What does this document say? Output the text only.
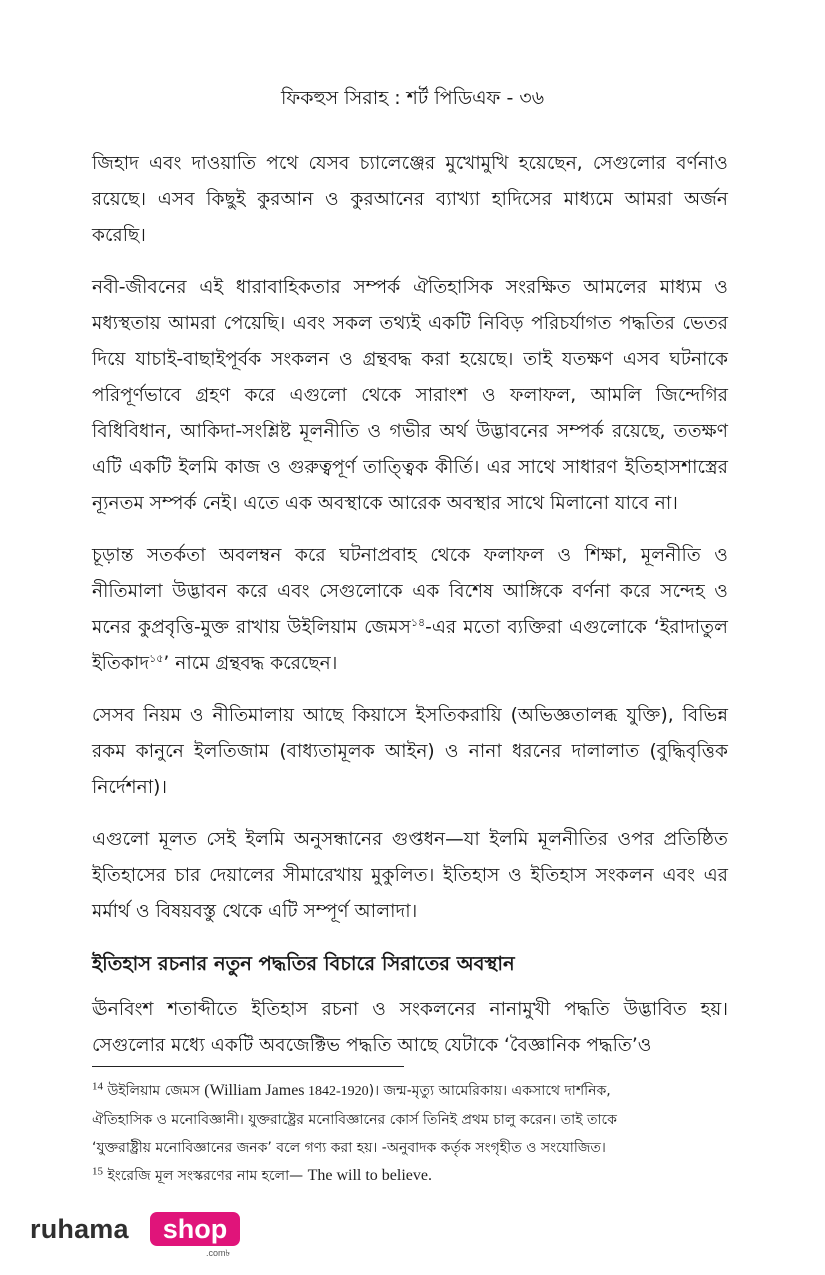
ফিকহুস সিরাহ : শর্ট পিডিএফ - ৩৬

জিহাদ এবং দাওয়াতি পথে যেসব চ্যালেঞ্জের মুখোমুখি হয়েছেন, সেগুলোর বর্ণনাও রয়েছে। এসব কিছুই কুরআন ও কুরআনের ব্যাখ্যা হাদিসের মাধ্যমে আমরা অর্জন করেছি।

নবী-জীবনের এই ধারাবাহিকতার সম্পর্ক ঐতিহাসিক সংরক্ষিত আমলের মাধ্যম ও মধ্যস্থতায় আমরা পেয়েছি। এবং সকল তথ্যই একটি নিবিড় পরিচর্যাগত পদ্ধতির ভেতর দিয়ে যাচাই-বাছাইপূর্বক সংকলন ও গ্রন্থবদ্ধ করা হয়েছে। তাই যতক্ষণ এসব ঘটনাকে পরিপূর্ণভাবে গ্রহণ করে এগুলো থেকে সারাংশ ও ফলাফল, আমলি জিন্দেগির বিধিবিধান, আকিদা-সংশ্লিষ্ট মূলনীতি ও গভীর অর্থ উদ্ভাবনের সম্পর্ক রয়েছে, ততক্ষণ এটি একটি ইলমি কাজ ও গুরুত্বপূর্ণ তাত্ত্বিক কীর্তি। এর সাথে সাধারণ ইতিহাসশাস্ত্রের ন্যূনতম সম্পর্ক নেই। এতে এক অবস্থাকে আরেক অবস্থার সাথে মিলানো যাবে না।

চূড়ান্ত সতর্কতা অবলম্বন করে ঘটনাপ্রবাহ থেকে ফলাফল ও শিক্ষা, মূলনীতি ও নীতিমালা উদ্ভাবন করে এবং সেগুলোকে এক বিশেষ আঙ্গিকে বর্ণনা করে সন্দেহ ও মনের কুপ্রবৃত্তি-মুক্ত রাখায় উইলিয়াম জেমস$^{১৪}$-এর মতো ব্যক্তিরা এগুলোকে ‘ইরাদাতুল ইতিকাদ$^{১৫}$’ নামে গ্রন্থবদ্ধ করেছেন।

সেসব নিয়ম ও নীতিমালায় আছে কিয়াসে ইসতিকরায়ি (অভিজ্ঞতালব্ধ যুক্তি), বিভিন্ন রকম কানুনে ইলতিজাম (বাধ্যতামূলক আইন) ও নানা ধরনের দালালাত (বুদ্ধিবৃত্তিক নির্দেশনা)।

এগুলো মূলত সেই ইলমি অনুসন্ধানের গুপ্তধন—যা ইলমি মূলনীতির ওপর প্রতিষ্ঠিত ইতিহাসের চার দেয়ালের সীমারেখায় মুকুলিত। ইতিহাস ও ইতিহাস সংকলন এবং এর মর্মার্থ ও বিষয়বস্তু থেকে এটি সম্পূর্ণ আলাদা।

ইতিহাস রচনার নতুন পদ্ধতির বিচারে সিরাতের অবস্থান

ঊনবিংশ শতাব্দীতে ইতিহাস রচনা ও সংকলনের নানামুখী পদ্ধতি উদ্ভাবিত হয়। সেগুলোর মধ্যে একটি অবজেক্টিভ পদ্ধতি আছে যেটাকে ‘বৈজ্ঞানিক পদ্ধতি’ও

$^{14}$ উইলিয়াম জেমস (William James 1842-1920)। জন্ম-মৃত্যু আমেরিকায়। একসাথে দার্শনিক,
ঐতিহাসিক ও মনোবিজ্ঞানী। যুক্তরাষ্ট্রের মনোবিজ্ঞানের কোর্স তিনিই প্রথম চালু করেন। তাই তাকে
‘যুক্তরাষ্ট্রীয় মনোবিজ্ঞানের জনক’ বলে গণ্য করা হয়। -অনুবাদক কর্তৃক সংগৃহীত ও সংযোজিত।
$^{15}$ ইংরেজি মূল সংস্করণের নাম হলো— The will to believe.
ruhama	shop
.com৳
